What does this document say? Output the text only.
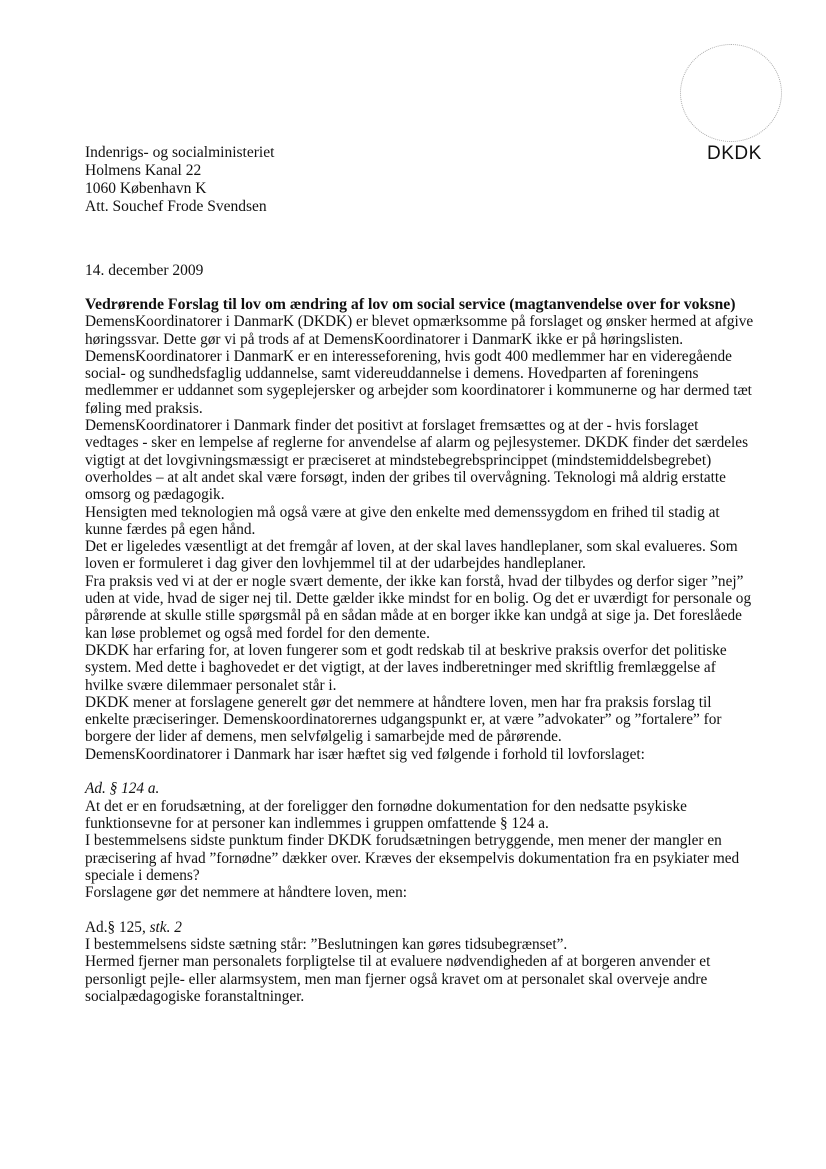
DKDK
Indenrigs- og socialministeriet
Holmens Kanal 22
1060 København K
Att. Souchef Frode Svendsen
14. december 2009
Vedrørende Forslag til lov om ændring af lov om social service (magtanvendelse over for voksne)
DemensKoordinatorer i DanmarK (DKDK) er blevet opmærksomme på forslaget og ønsker hermed at afgive
høringssvar. Dette gør vi på trods af at DemensKoordinatorer i DanmarK ikke er på høringslisten.
DemensKoordinatorer i DanmarK er en interesseforening, hvis godt 400 medlemmer har en videregående
social- og sundhedsfaglig uddannelse, samt videreuddannelse i demens. Hovedparten af foreningens
medlemmer er uddannet som sygeplejersker og arbejder som koordinatorer i kommunerne og har dermed tæt
føling med praksis.
DemensKoordinatorer i Danmark finder det positivt at forslaget fremsættes og at der - hvis forslaget
vedtages - sker en lempelse af reglerne for anvendelse af alarm og pejlesystemer. DKDK finder det særdeles
vigtigt at det lovgivningsmæssigt er præciseret at mindstebegrebsprincippet (mindstemiddelsbegrebet)
overholdes – at alt andet skal være forsøgt, inden der gribes til overvågning. Teknologi må aldrig erstatte
omsorg og pædagogik.
Hensigten med teknologien må også være at give den enkelte med demenssygdom en frihed til stadig at
kunne færdes på egen hånd.
Det er ligeledes væsentligt at det fremgår af loven, at der skal laves handleplaner, som skal evalueres. Som
loven er formuleret i dag giver den lovhjemmel til at der udarbejdes handleplaner.
Fra praksis ved vi at der er nogle svært demente, der ikke kan forstå, hvad der tilbydes og derfor siger ”nej”
uden at vide, hvad de siger nej til. Dette gælder ikke mindst for en bolig. Og det er uværdigt for personale og
pårørende at skulle stille spørgsmål på en sådan måde at en borger ikke kan undgå at sige ja. Det foreslåede
kan løse problemet og også med fordel for den demente.
DKDK har erfaring for, at loven fungerer som et godt redskab til at beskrive praksis overfor det politiske
system. Med dette i baghovedet er det vigtigt, at der laves indberetninger med skriftlig fremlæggelse af
hvilke svære dilemmaer personalet står i.
DKDK mener at forslagene generelt gør det nemmere at håndtere loven, men har fra praksis forslag til
enkelte præciseringer. Demenskoordinatorernes udgangspunkt er, at være ”advokater” og ”fortalere” for
borgere der lider af demens, men selvfølgelig i samarbejde med de pårørende.
DemensKoordinatorer i Danmark har især hæftet sig ved følgende i forhold til lovforslaget:
Ad. § 124 a.
At det er en forudsætning, at der foreligger den fornødne dokumentation for den nedsatte psykiske
funktionsevne for at personer kan indlemmes i gruppen omfattende § 124 a.
I bestemmelsens sidste punktum finder DKDK forudsætningen betryggende, men mener der mangler en
præcisering af hvad ”fornødne” dækker over. Kræves der eksempelvis dokumentation fra en psykiater med
speciale i demens?
Forslagene gør det nemmere at håndtere loven, men:
Ad.§ 125, stk. 2
I bestemmelsens sidste sætning står: ”Beslutningen kan gøres tidsubegrænset”.
Hermed fjerner man personalets forpligtelse til at evaluere nødvendigheden af at borgeren anvender et
personligt pejle- eller alarmsystem, men man fjerner også kravet om at personalet skal overveje andre
socialpædagogiske foranstaltninger.
